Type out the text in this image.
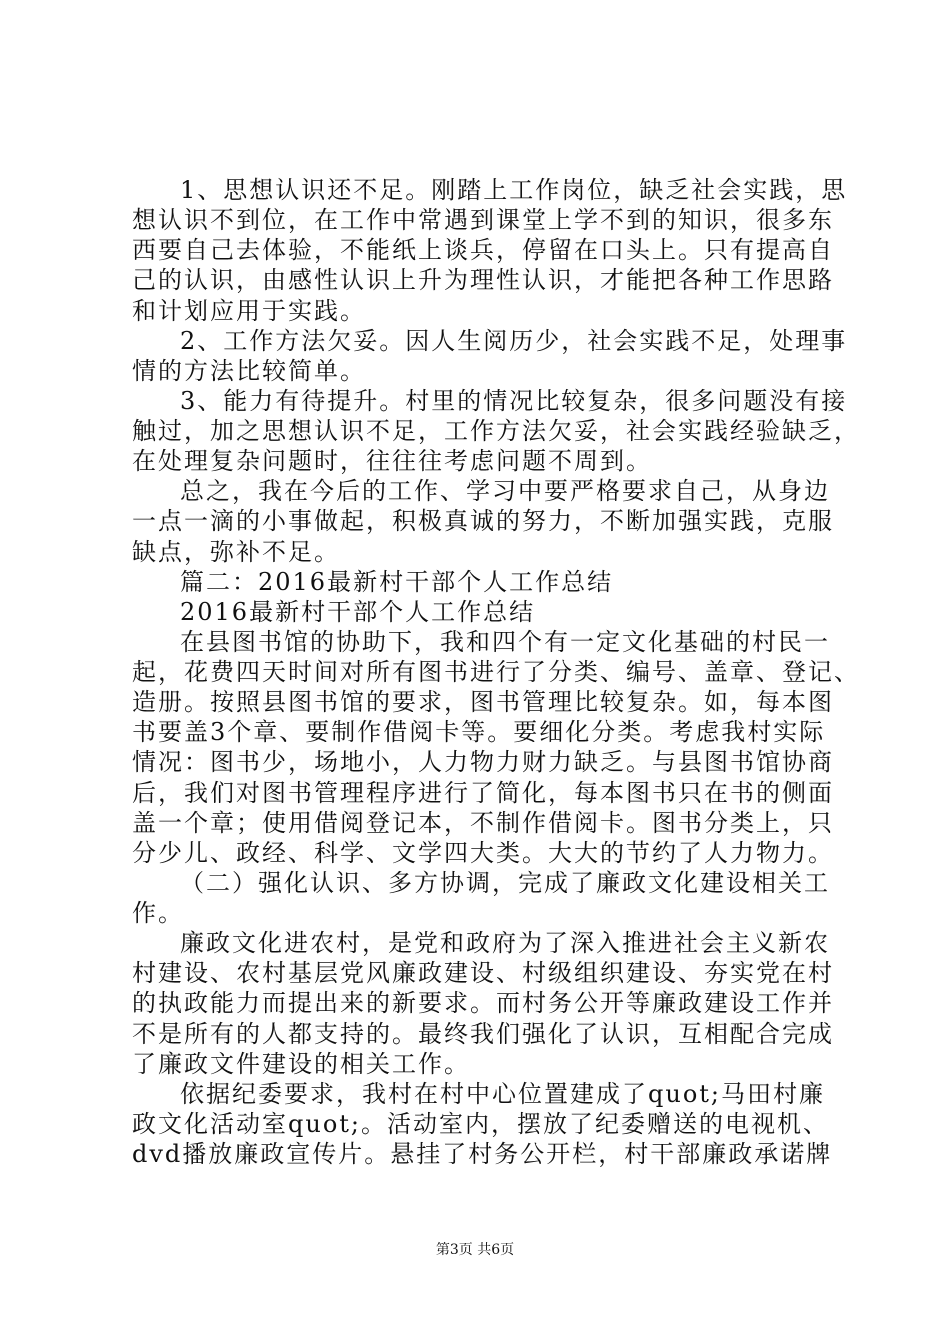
1、思想认识还不足。刚踏上工作岗位，缺乏社会实践，思
想认识不到位，在工作中常遇到课堂上学不到的知识，很多东
西要自己去体验，不能纸上谈兵，停留在口头上。只有提高自
己的认识，由感性认识上升为理性认识，才能把各种工作思路
和计划应用于实践。
2、工作方法欠妥。因人生阅历少，社会实践不足，处理事
情的方法比较简单。
3、能力有待提升。村里的情况比较复杂，很多问题没有接
触过，加之思想认识不足，工作方法欠妥，社会实践经验缺乏，
在处理复杂问题时，往往往考虑问题不周到。
总之，我在今后的工作、学习中要严格要求自己，从身边
一点一滴的小事做起，积极真诚的努力，不断加强实践，克服
缺点，弥补不足。
篇二：2016最新村干部个人工作总结
2016最新村干部个人工作总结
在县图书馆的协助下，我和四个有一定文化基础的村民一
起，花费四天时间对所有图书进行了分类、编号、盖章、登记、
造册。按照县图书馆的要求，图书管理比较复杂。如，每本图
书要盖3个章、要制作借阅卡等。要细化分类。考虑我村实际
情况：图书少，场地小，人力物力财力缺乏。与县图书馆协商
后，我们对图书管理程序进行了简化，每本图书只在书的侧面
盖一个章；使用借阅登记本，不制作借阅卡。图书分类上，只
分少儿、政经、科学、文学四大类。大大的节约了人力物力。
（二）强化认识、多方协调，完成了廉政文化建设相关工
作。
廉政文化进农村，是党和政府为了深入推进社会主义新农
村建设、农村基层党风廉政建设、村级组织建设、夯实党在村
的执政能力而提出来的新要求。而村务公开等廉政建设工作并
不是所有的人都支持的。最终我们强化了认识，互相配合完成
了廉政文件建设的相关工作。
依据纪委要求，我村在村中心位置建成了quot;马田村廉
政文化活动室quot;。活动室内，摆放了纪委赠送的电视机、
dvd播放廉政宣传片。悬挂了村务公开栏，村干部廉政承诺牌
第3页 共6页
